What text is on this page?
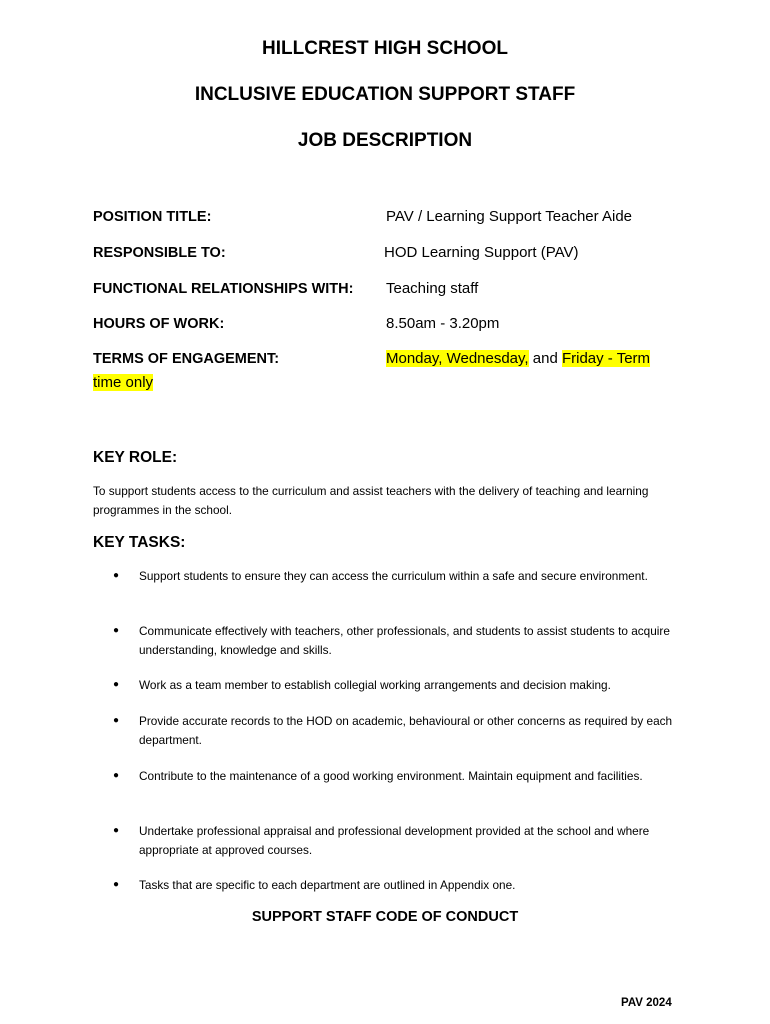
HILLCREST HIGH SCHOOL
INCLUSIVE EDUCATION SUPPORT STAFF
JOB DESCRIPTION
POSITION TITLE:	PAV / Learning Support Teacher Aide
RESPONSIBLE TO:	HOD Learning Support (PAV)
FUNCTIONAL RELATIONSHIPS WITH: Teaching staff
HOURS OF WORK:	8.50am - 3.20pm
TERMS OF ENGAGEMENT:	Monday, Wednesday, and Friday - Term
time only
KEY ROLE:
To support students access to the curriculum and assist teachers with the delivery of teaching and learning programmes in the school.
KEY TASKS:
●	Support students to ensure they can access the curriculum within a safe and secure environment.
●	Communicate effectively with teachers, other professionals, and students to assist students to acquire understanding, knowledge and skills.
●	Work as a team member to establish collegial working arrangements and decision making.
●	Provide accurate records to the HOD on academic, behavioural or other concerns as required by each department.
●	Contribute to the maintenance of a good working environment. Maintain equipment and facilities.
●	Undertake professional appraisal and professional development provided at the school and where appropriate at approved courses.
●	Tasks that are specific to each department are outlined in Appendix one.
SUPPORT STAFF CODE OF CONDUCT
PAV 2024
